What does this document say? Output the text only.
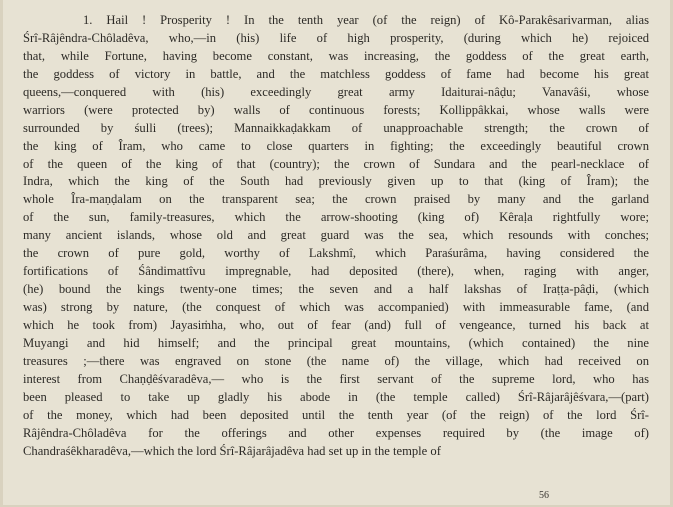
1. Hail ! Prosperity ! In the tenth year (of the reign) of Kô-Parakêsarivarman, alias
Śrî-Râjêndra-Chôladêva, who,—in (his) life of high prosperity, (during which he) rejoiced
that, while Fortune, having become constant, was increasing, the goddess of the great earth,
the goddess of victory in battle, and the matchless goddess of fame had become his great
queens,—conquered with (his) exceedingly great army Idaiturai-nâḍu; Vanavâśi, whose
warriors (were protected by) walls of continuous forests; Kollippâkkai, whose walls were
surrounded by śulli (trees); Mannaikkaḍakkam of unapproachable strength; the crown of
the king of Îram, who came to close quarters in fighting; the exceedingly beautiful crown
of the queen of the king of that (country); the crown of Sundara and the pearl-necklace of
Indra, which the king of the South had previously given up to that (king of Îram); the
whole Îra-maṇḍalam on the transparent sea; the crown praised by many and the garland
of the sun, family-treasures, which the arrow-shooting (king of) Kêraḷa rightfully wore;
many ancient islands, whose old and great guard was the sea, which resounds with conches;
the crown of pure gold, worthy of Lakshmî, which Paraśurâma, having considered the
fortifications of Śândimattîvu impregnable, had deposited (there), when, raging with anger,
(he) bound the kings twenty-one times; the seven and a half lakshas of Iraṭṭa-pâḍi, (which
was) strong by nature, (the conquest of which was accompanied) with immeasurable fame, (and
which he took from) Jayasiṁha, who, out of fear (and) full of vengeance, turned his back at
Muyangi and hid himself; and the principal great mountains, (which contained) the nine
treasures ;—there was engraved on stone (the name of) the village, which had received on
interest from Chaṇḍêśvaradêva,— who is the first servant of the supreme lord, who has
been pleased to take up gladly his abode in (the temple called) Śrî-Râjarâjêśvara,—(part)
of the money, which had been deposited until the tenth year (of the reign) of the lord Śrî-
Râjêndra-Chôladêva for the offerings and other expenses required by (the image of)
Chandraśêkharadêva,—which the lord Śrî-Râjarâjadêva had set up in the temple of
56
